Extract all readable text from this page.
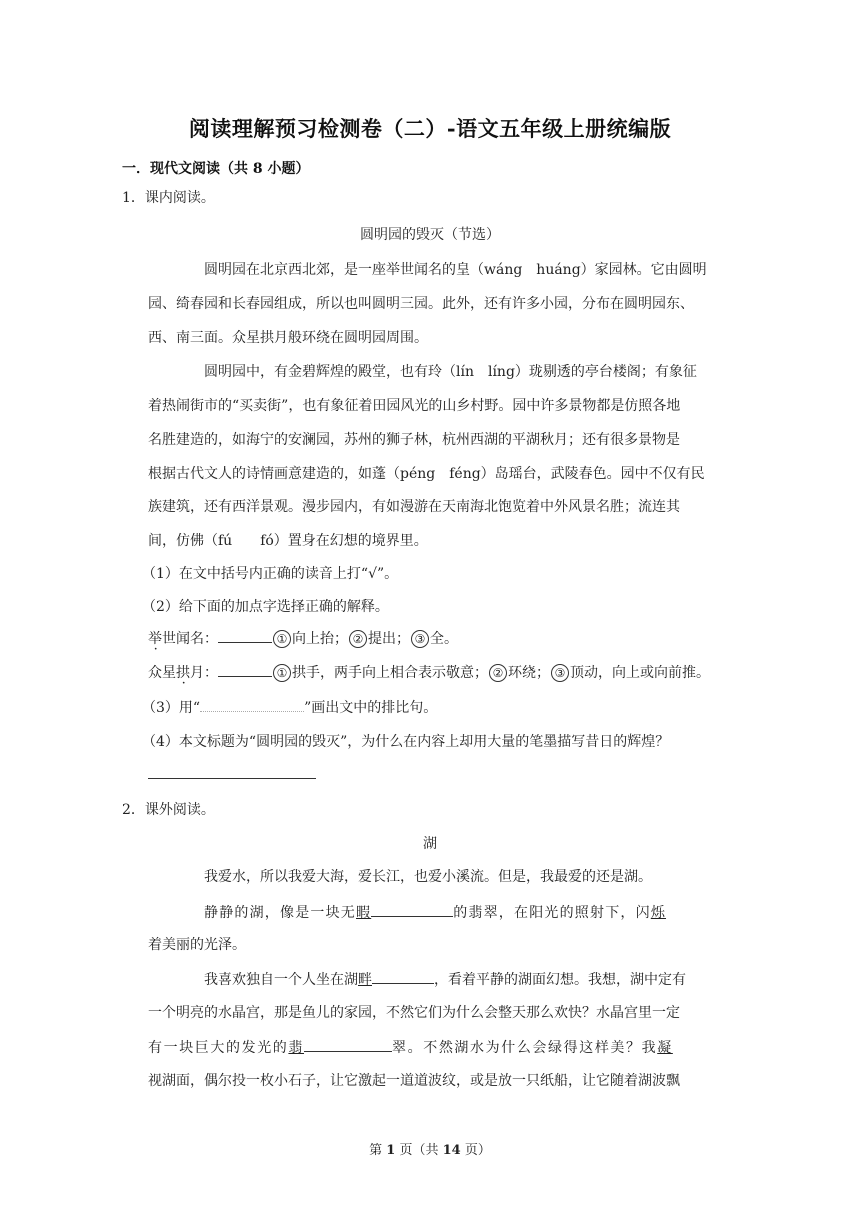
阅读理解预习检测卷（二）-语文五年级上册统编版
一．现代文阅读（共 8 小题）
1．课内阅读。
圆明园的毁灭（节选）
圆明园在北京西北郊，是一座举世闻名的皇（wáng　huáng）家园林。它由圆明
园、绮春园和长春园组成，所以也叫圆明三园。此外，还有许多小园，分布在圆明园东、
西、南三面。众星拱月般环绕在圆明园周围。
圆明园中，有金碧辉煌的殿堂，也有玲（lín　líng）珑剔透的亭台楼阁；有象征
着热闹街市的“买卖街”，也有象征着田园风光的山乡村野。园中许多景物都是仿照各地
名胜建造的，如海宁的安澜园，苏州的狮子林，杭州西湖的平湖秋月；还有很多景物是
根据古代文人的诗情画意建造的，如蓬（péng　féng）岛瑶台，武陵春色。园中不仅有民
族建筑，还有西洋景观。漫步园内，有如漫游在天南海北饱览着中外风景名胜；流连其
间，仿佛（fú　　fó）置身在幻想的境界里。
（1）在文中括号内正确的读音上打“√”。
（2）给下面的加点字选择正确的解释。
举世闻名：	① 向上抬； ② 提出； ③ 全。
众星拱月：	① 拱手，两手向上相合表示敬意； ② 环绕； ③ 顶动，向上或向前推。
（3）用“	”画出文中的排比句。
（4）本文标题为“圆明园的毁灭”，为什么在内容上却用大量的笔墨描写昔日的辉煌？
2．课外阅读。
湖
我爱水，所以我爱大海，爱长江，也爱小溪流。但是，我最爱的还是湖。
静静的湖，像是一块无暇	的翡翠，在阳光的照射下，闪烁
着美丽的光泽。
我喜欢独自一个人坐在湖畔	，看着平静的湖面幻想。我想，湖中定有
一个明亮的水晶宫，那是鱼儿的家园，不然它们为什么会整天那么欢快？水晶宫里一定
有一块巨大的发光的翡	翠。不然湖水为什么会绿得这样美？我凝
视湖面，偶尔投一枚小石子，让它激起一道道波纹，或是放一只纸船，让它随着湖波飘
第 1 页（共 14 页）
